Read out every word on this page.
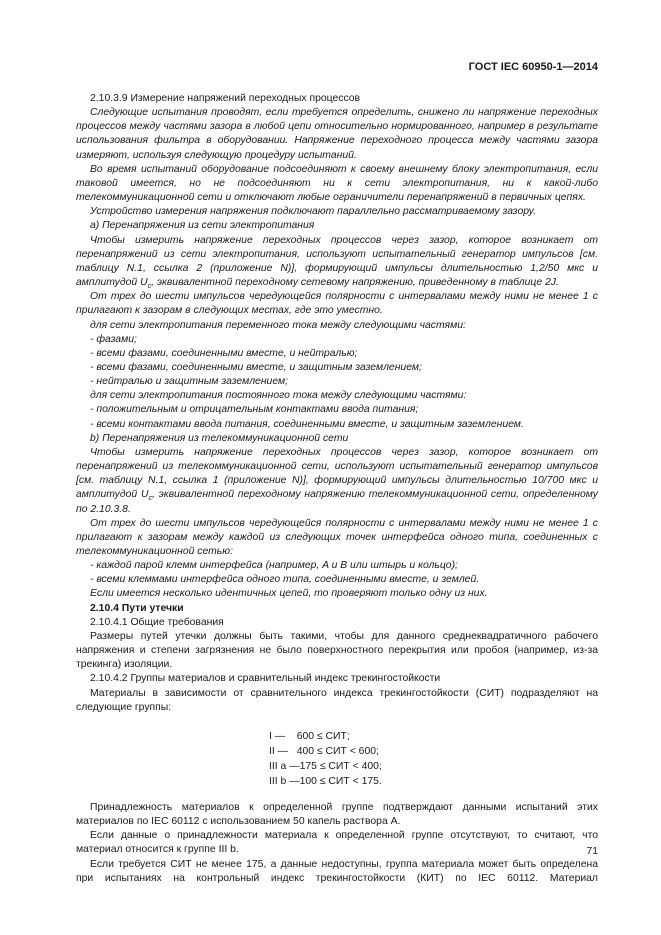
ГОСТ IEC 60950-1—2014

2.10.3.9 Измерение напряжений переходных процессов

Следующие испытания проводят, если требуется определить, снижено ли напряжение переходных процессов между частями зазора в любой цепи относительно нормированного, например в результате использования фильтра в оборудовании. Напряжение переходного процесса между частями зазора измеряют, используя следующую процедуру испытаний.

Во время испытаний оборудование подсоединяют к своему внешнему блоку электропитания, если таковой имеется, но не подсоединяют ни к сети электропитания, ни к какой-либо телекоммуникационной сети и отключают любые ограничители перенапряжений в первичных цепях.

Устройство измерения напряжения подключают параллельно рассматриваемому зазору.

а) Перенапряжения из сети электропитания

Чтобы измерить напряжение переходных процессов через зазор, которое возникает от перенапряжений из сети электропитания, используют испытательный генератор импульсов [см. таблицу N.1, ссылка 2 (приложение N)], формирующий импульсы длительностью 1,2/50 мкс и амплитудой $U_c$, эквивалентной переходному сетевому напряжению, приведенному в таблице 2J.

От трех до шести импульсов чередующейся полярности с интервалами между ними не менее 1 с прилагают к зазорам в следующих местах, где это уместно.

для сети электропитания переменного тока между следующими частями:

- фазами;

- всеми фазами, соединенными вместе, и нейтралью;

- всеми фазами, соединенными вместе, и защитным заземлением;

- нейтралью и защитным заземлением;

для сети электропитания постоянного тока между следующими частями:

- положительным и отрицательным контактами ввода питания;

- всеми контактами ввода питания, соединенными вместе, и защитным заземлением.

b) Перенапряжения из телекоммуникационной сети

Чтобы измерить напряжение переходных процессов через зазор, которое возникает от перенапряжений из телекоммуникационной сети, используют испытательный генератор импульсов [см. таблицу N.1, ссылка 1 (приложение N)], формирующий импульсы длительностью 10/700 мкс и амплитудой $U_c$, эквивалентной переходному напряжению телекоммуникационной сети, определенному по 2.10.3.8.

От трех до шести импульсов чередующейся полярности с интервалами между ними не менее 1 с прилагают к зазорам между каждой из следующих точек интерфейса одного типа, соединенных с телекоммуникационной сетью:

- каждой парой клемм интерфейса (например, A и B или штырь и кольцо);

- всеми клеммами интерфейса одного типа, соединенными вместе, и землей.

Если имеется несколько идентичных цепей, то проверяют только одну из них.

2.10.4 Пути утечки

2.10.4.1 Общие требования

Размеры путей утечки должны быть такими, чтобы для данного среднеквадратичного рабочего напряжения и степени загрязнения не было поверхностного перекрытия или пробоя (например, из-за трекинга) изоляции.

2.10.4.2 Группы материалов и сравнительный индекс трекингостойкости

Материалы в зависимости от сравнительного индекса трекингостойкости (СИТ) подразделяют на следующие группы:

I —    600 ≤ СИТ;
II —   400 ≤ СИТ < 600;
III a —175 ≤ СИТ < 400;
III b —100 ≤ СИТ < 175.

Принадлежность материалов к определенной группе подтверждают данными испытаний этих материалов по IEC 60112 с использованием 50 капель раствора А.

Если данные о принадлежности материала к определенной группе отсутствуют, то считают, что материал относится к группе III b.

Если требуется СИТ не менее 175, а данные недоступны, группа материала может быть определена при испытаниях на контрольный индекс трекингостойкости (КИТ) по IEC 60112. Материал

71
